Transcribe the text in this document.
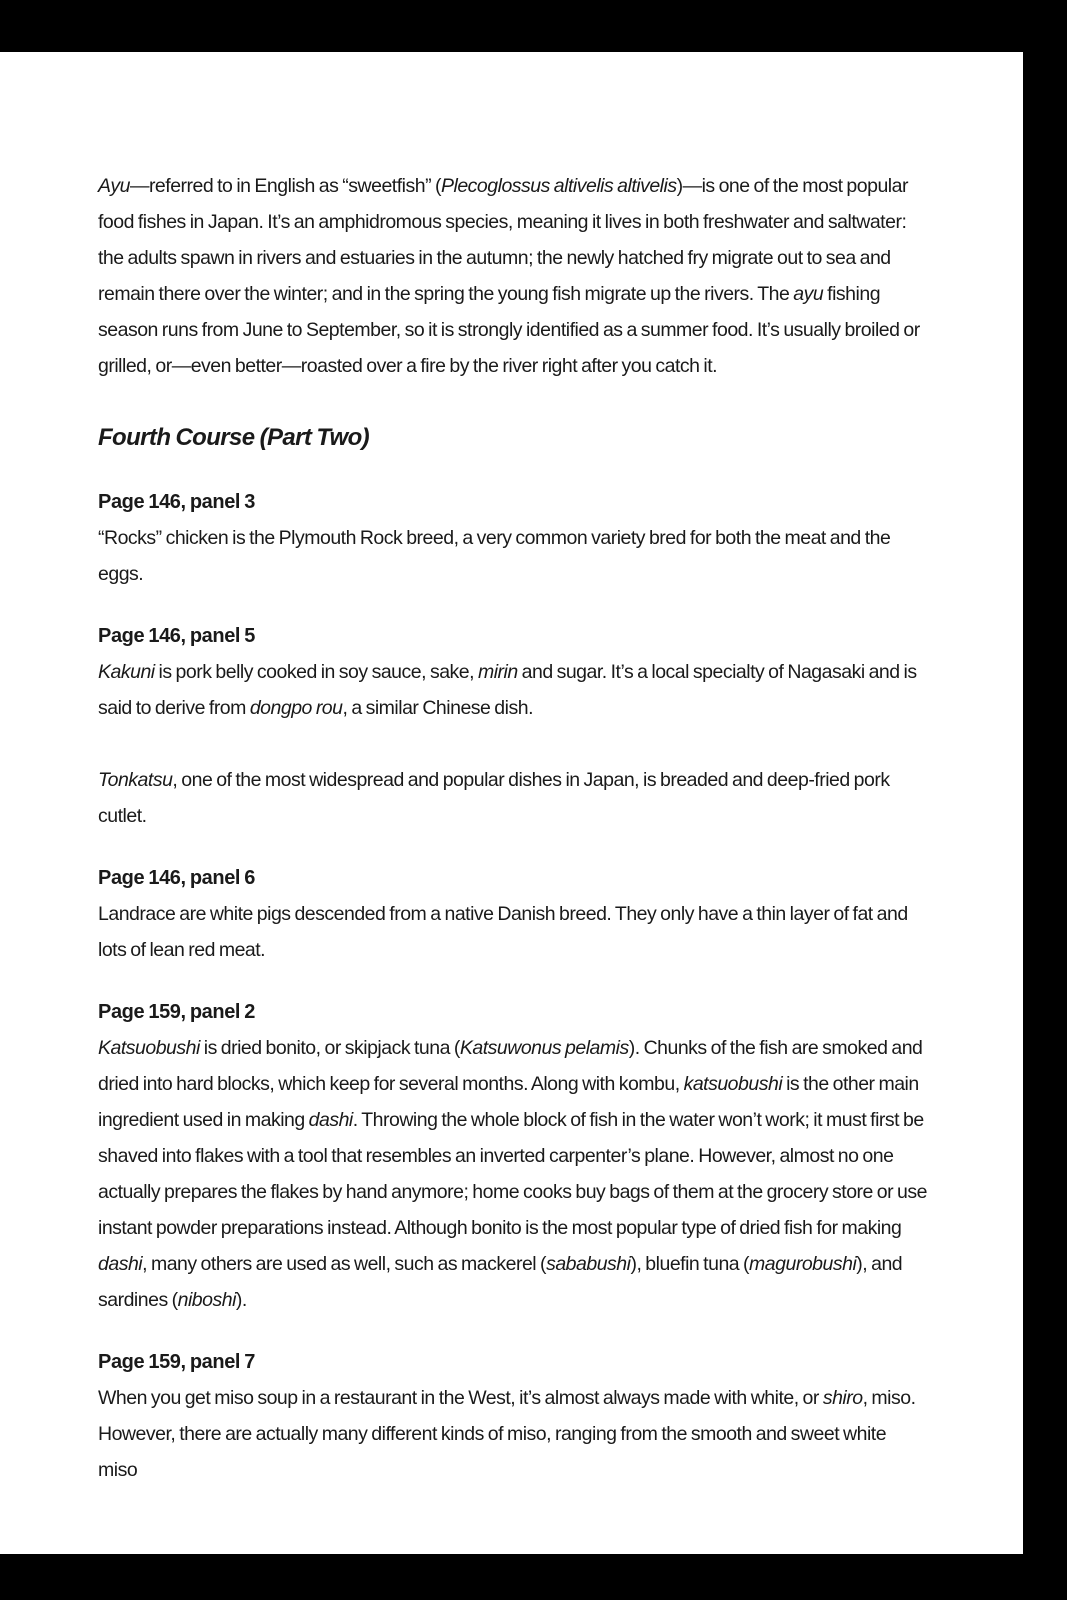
Ayu—referred to in English as “sweetfish” (Plecoglossus altivelis altivelis)—is one of the most popular food fishes in Japan. It’s an amphidromous species, meaning it lives in both freshwater and saltwater: the adults spawn in rivers and estuaries in the autumn; the newly hatched fry migrate out to sea and remain there over the winter; and in the spring the young fish migrate up the rivers. The ayu fishing season runs from June to September, so it is strongly identified as a summer food. It’s usually broiled or grilled, or—even better—roasted over a fire by the river right after you catch it.

Fourth Course (Part Two)
Page 146, panel 3

“Rocks” chicken is the Plymouth Rock breed, a very common variety bred for both the meat and the eggs.

Page 146, panel 5

Kakuni is pork belly cooked in soy sauce, sake, mirin and sugar. It’s a local specialty of Nagasaki and is said to derive from dongpo rou, a similar Chinese dish.

Tonkatsu, one of the most widespread and popular dishes in Japan, is breaded and deep-fried pork cutlet.

Page 146, panel 6

Landrace are white pigs descended from a native Danish breed. They only have a thin layer of fat and lots of lean red meat.

Page 159, panel 2

Katsuobushi is dried bonito, or skipjack tuna (Katsuwonus pelamis). Chunks of the fish are smoked and dried into hard blocks, which keep for several months. Along with kombu, katsuobushi is the other main ingredient used in making dashi. Throwing the whole block of fish in the water won’t work; it must first be shaved into flakes with a tool that resembles an inverted carpenter’s plane. However, almost no one actually prepares the flakes by hand anymore; home cooks buy bags of them at the grocery store or use instant powder preparations instead. Although bonito is the most popular type of dried fish for making dashi, many others are used as well, such as mackerel (sababushi), bluefin tuna (magurobushi), and sardines (niboshi).

Page 159, panel 7

When you get miso soup in a restaurant in the West, it’s almost always made with white, or shiro, miso. However, there are actually many different kinds of miso, ranging from the smooth and sweet white miso
